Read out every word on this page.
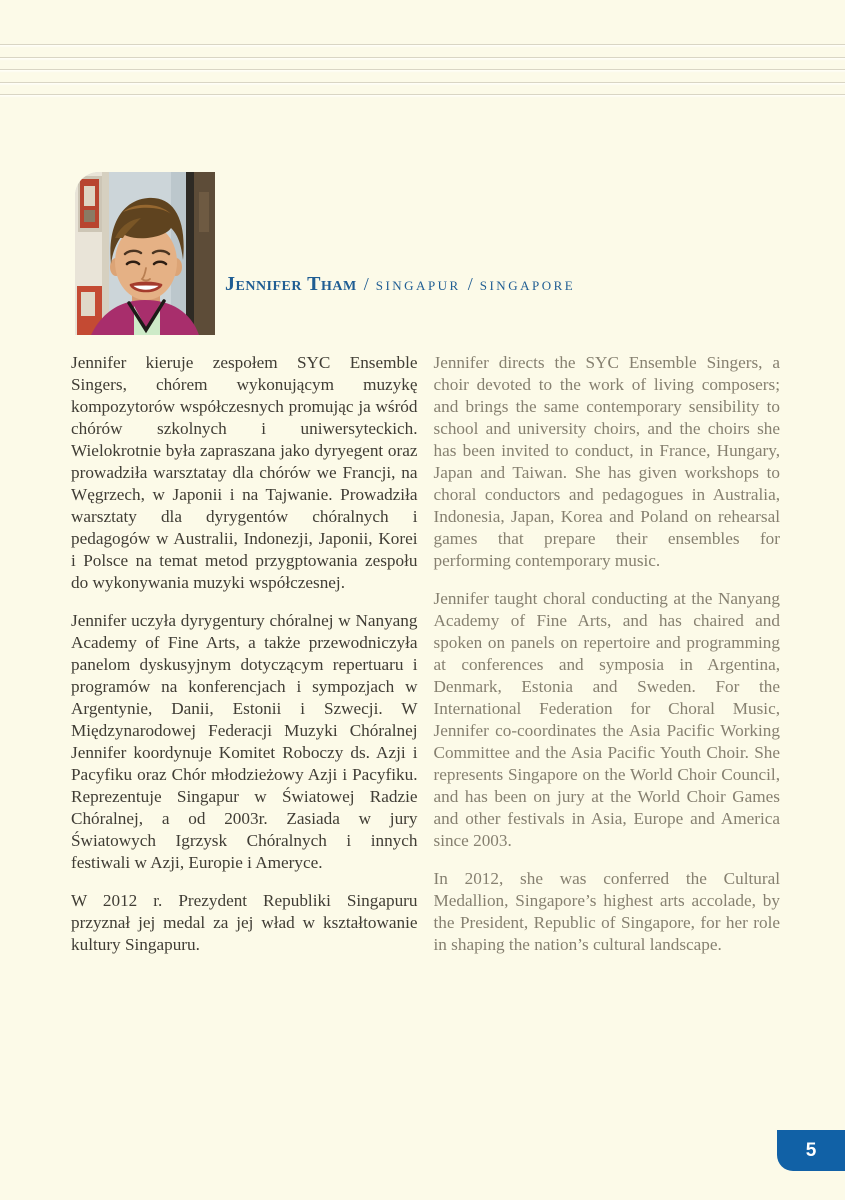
Jennifer Tham / singapur / singapore

Jennifer kieruje zespołem SYC Ensemble Singers, chórem wykonującym muzykę kompozytorów współczesnych promując ja wśród chórów szkolnych i uniwersyteckich. Wielokrotnie była zapraszana jako dyryegent oraz prowadziła warsztatay dla chórów we Francji, na Węgrzech, w Japonii i na Tajwanie. Prowadziła warsztaty dla dyrygentów chóralnych i pedagogów w Australii, Indonezji, Japonii, Korei i Polsce na temat metod przygptowania zespołu do wykonywania muzyki współczesnej.

Jennifer uczyła dyrygentury chóralnej w Nanyang Academy of Fine Arts, a także przewodniczyła panelom dyskusyjnym dotyczącym repertuaru i programów na konferencjach i sympozjach w Argentynie, Danii, Estonii i Szwecji. W Międzynarodowej Federacji Muzyki Chóralnej Jennifer koordynuje Komitet Roboczy ds. Azji i Pacyfiku oraz Chór młodzieżowy Azji i Pacyfiku. Reprezentuje Singapur w Światowej Radzie Chóralnej, a od 2003r. Zasiada w jury Światowych Igrzysk Chóralnych i innych festiwali w Azji, Europie i Ameryce.

W 2012 r. Prezydent Republiki Singapuru przyznał jej medal za jej wład w kształtowanie kultury Singapuru.

Jennifer directs the SYC Ensemble Singers, a choir devoted to the work of living composers; and brings the same contemporary sensibility to school and university choirs, and the choirs she has been invited to conduct, in France, Hungary, Japan and Taiwan. She has given workshops to choral conductors and pedagogues in Australia, Indonesia, Japan, Korea and Poland on rehearsal games that prepare their ensembles for performing contemporary music.

Jennifer taught choral conducting at the Nanyang Academy of Fine Arts, and has chaired and spoken on panels on repertoire and programming at conferences and symposia in Argentina, Denmark, Estonia and Sweden. For the International Federation for Choral Music, Jennifer co-coordinates the Asia Pacific Working Committee and the Asia Pacific Youth Choir. She represents Singapore on the World Choir Council, and has been on jury at the World Choir Games and other festivals in Asia, Europe and America since 2003.

In 2012, she was conferred the Cultural Medallion, Singapore’s highest arts accolade, by the President, Republic of Singapore, for her role in shaping the nation’s cultural landscape.

5
